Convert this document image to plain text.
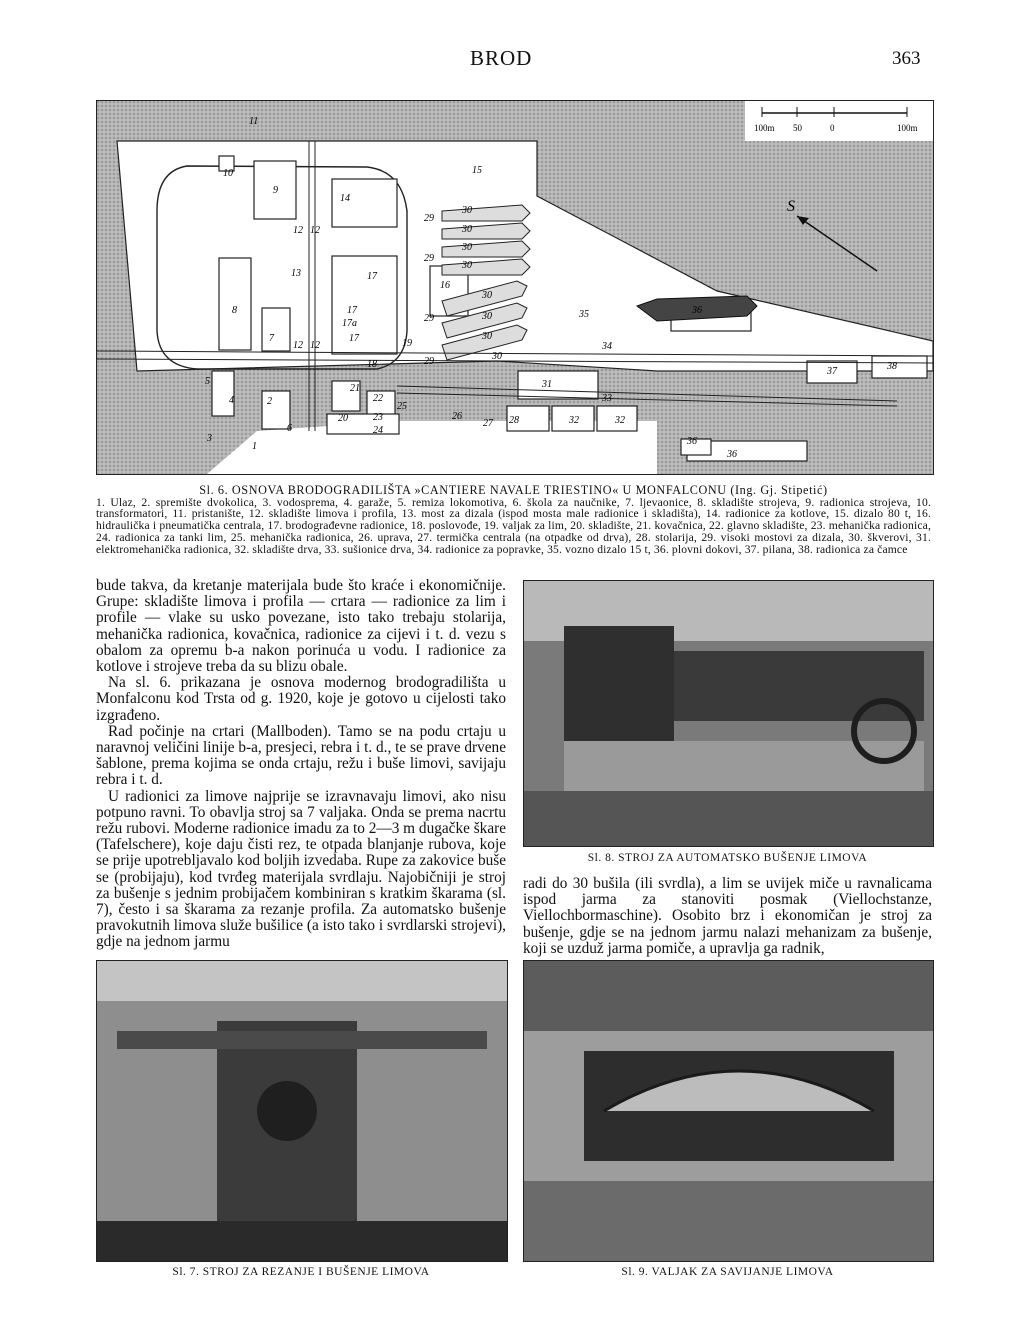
BROD	363
S
100m 50	0	100m
1
2
3
4
5
6
7
8
9
10
11
12 12
12 12
13
14
15
16
17
17
17a
17
18
19
20
21
22
23
24
25
26
27 28
29
29
29
29
30
30
30
30
30
30
30
30
31
32	32
33
34
35	36
36
36
37	38
Sl. 6. OSNOVA BRODOGRADILIŠTA »CANTIERE NAVALE TRIESTINO« U MONFALCONU (Ing. Gj. Stipetić)
1. Ulaz, 2. spremište dvokolica, 3. vodosprema, 4. garaže, 5. remiza lokomotiva, 6. škola za naučnike, 7. ljevaonice, 8. skladište strojeva, 9. radionica strojeva, 10. transformatori, 11. pristanište, 12. skladište limova i profila, 13. most za dizala (ispod mosta male radionice i skladišta), 14. radionice za kotlove, 15. dizalo 80 t, 16. hidraulička i pneumatička centrala, 17. brodograđevne radionice, 18. poslovođe, 19. valjak za lim, 20. skladište, 21. kovačnica, 22. glavno skladište, 23. mehanička radionica, 24. radionica za tanki lim, 25. mehanička radionica, 26. uprava, 27. termička centrala (na otpadke od drva), 28. stolarija, 29. visoki mostovi za dizala, 30. škverovi, 31. elektromehanička radionica, 32. skladište drva, 33. sušionice drva, 34. radionice za popravke, 35. vozno dizalo 15 t, 36. plovni dokovi, 37. pilana, 38. radionica za čamce

bude takva, da kretanje materijala bude što kraće i ekonomičnije. Grupe: skladište limova i profila — crtara — radionice za lim i profile — vlake su usko povezane, isto tako trebaju stolarija, mehanička radionica, kovačnica, radionice za cijevi i t. d. vezu s obalom za opremu b-a nakon porinuća u vodu. I radionice za kotlove i strojeve treba da su blizu obale.

Na sl. 6. prikazana je osnova modernog brodogradilišta u Monfalconu kod Trsta od g. 1920, koje je gotovo u cijelosti tako izgrađeno.

Rad počinje na crtari (Mallboden). Tamo se na podu crtaju u naravnoj veličini linije b-a, presjeci, rebra i t. d., te se prave drvene šablone, prema kojima se onda crtaju, režu i buše limovi, savijaju rebra i t. d.

U radionici za limove najprije se izravnavaju limovi, ako nisu potpuno ravni. To obavlja stroj sa 7 valjaka. Onda se prema nacrtu režu rubovi. Moderne radionice imadu za to 2—3 m dugačke škare (Tafelschere), koje daju čisti rez, te otpada blanjanje rubova, koje se prije upotrebljavalo kod boljih izvedaba. Rupe za zakovice buše se (probijaju), kod tvrđeg materijala svrdlaju. Najobičniji je stroj za bušenje s jednim probijačem kombiniran s kratkim škarama (sl. 7), često i sa škarama za rezanje profila. Za automatsko bušenje pravokutnih limova služe bušilice (a isto tako i svrdlarski strojevi), gdje na jednom jarmu

Sl. 8. STROJ ZA AUTOMATSKO BUŠENJE LIMOVA

radi do 30 bušila (ili svrdla), a lim se uvijek miče u ravnalicama ispod jarma za stanoviti posmak (Viellochstanze, Viellochbormaschine). Osobito brz i ekonomičan je stroj za bušenje, gdje se na jednom jarmu nalazi mehanizam za bušenje, koji se uzduž jarma pomiče, a upravlja ga radnik,

Sl. 7. STROJ ZA REZANJE I BUŠENJE LIMOVA	Sl. 9. VALJAK ZA SAVIJANJE LIMOVA
